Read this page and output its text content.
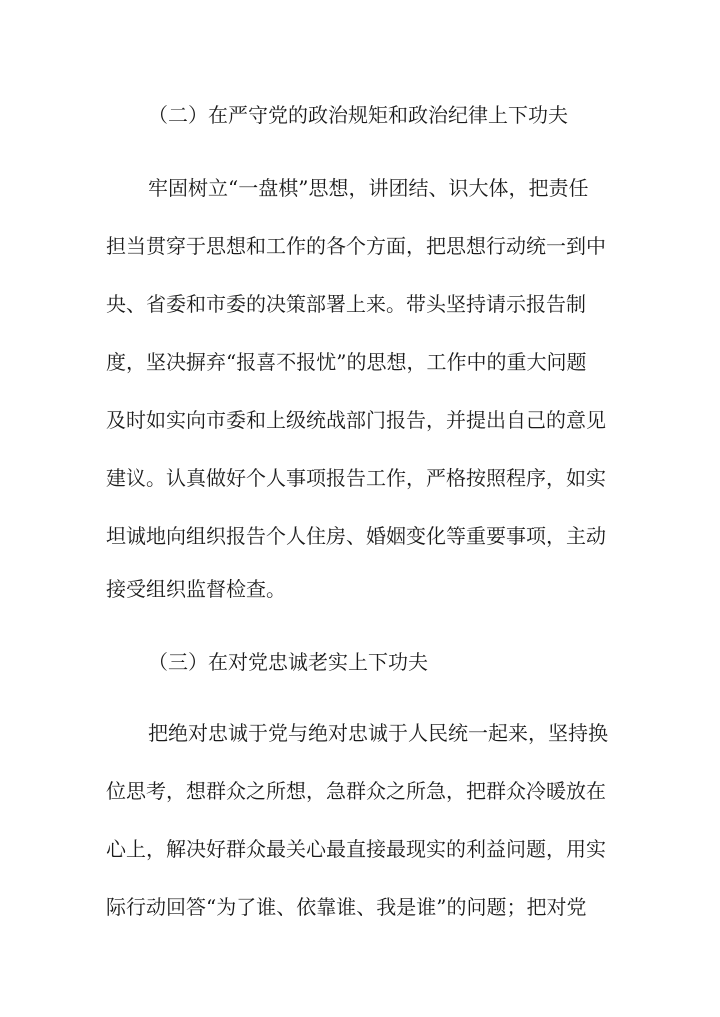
（二）在严守党的政治规矩和政治纪律上下功夫
牢固树立“一盘棋”思想，讲团结、识大体，把责任
担当贯穿于思想和工作的各个方面，把思想行动统一到中
央、省委和市委的决策部署上来。带头坚持请示报告制
度，坚决摒弃“报喜不报忧”的思想，工作中的重大问题
及时如实向市委和上级统战部门报告，并提出自己的意见
建议。认真做好个人事项报告工作，严格按照程序，如实
坦诚地向组织报告个人住房、婚姻变化等重要事项，主动
接受组织监督检查。
（三）在对党忠诚老实上下功夫
把绝对忠诚于党与绝对忠诚于人民统一起来，坚持换
位思考，想群众之所想，急群众之所急，把群众冷暖放在
心上，解决好群众最关心最直接最现实的利益问题，用实
际行动回答“为了谁、依靠谁、我是谁”的问题；把对党
